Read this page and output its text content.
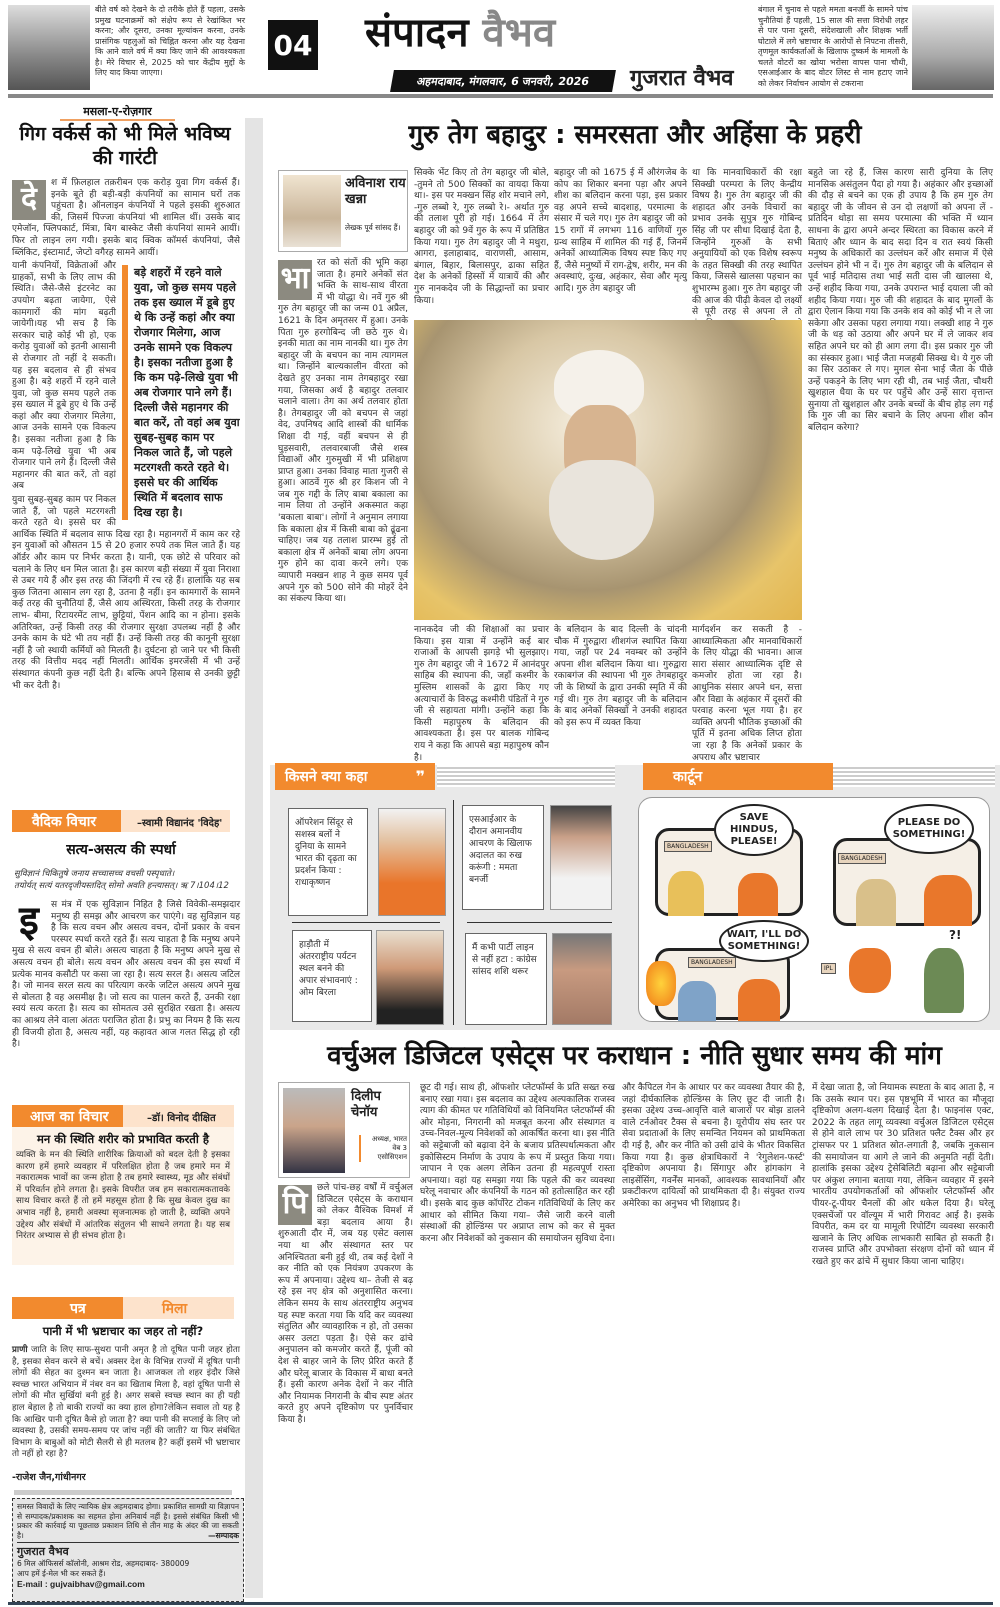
बीते वर्ष को देखने के दो तरीके होते हैं पहला, उसके प्रमुख घटनाक्रमों को संक्षेप रूप से रेखांकित भर करना; और दूसरा, उनका मूल्यांकन करना, उनके प्रासंगिक पहलुओं को चिह्नित करना और यह देखना कि आने वाले वर्ष में क्या किए जाने की आवश्यकता है। मेरे विचार से, 2025 को चार केंद्रीय मुद्दों के लिए याद किया जाएगा।
04 संपादन वैभव
अहमदाबाद, मंगलवार, 6 जनवरी, 2026	गुजरात वैभव
बंगाल में चुनाव से पहले ममता बनर्जी के सामने पांच चुनौतियां हैं पहली, 15 साल की सत्ता विरोधी लहर से पार पाना दूसरी, संदेशखाली और शिक्षक भर्ती घोटाले में लगे भ्रष्टाचार के आरोपों से निपटना तीसरी, तृणमूल कार्यकर्ताओं के खिलाफ दुष्कर्म के मामलों के चलते वोटरों का खोया भरोसा वापस पाना चौथी, एसआईआर के बाद वोटर लिस्ट से नाम हटाए जाने को लेकर निर्वाचन आयोग से टकराना
मसला-ए-रोज़गार
गिग वर्कर्स को भी मिले भविष्य की गारंटी
दे	श में फ़िलहाल तक़रीबन एक करोड़ युवा गिग वर्कर्स हैं। इनके बूते ही बड़ी-बड़ी कंपनियों का सामान घरों तक पहुंचता है। ऑनलाइन कंपनियों ने पहले इसकी शुरुआत की, जिसमें पिज्जा कंपनियां भी शामिल थीं। उसके बाद एमेजॉन, फ्लिपकार्ट, मिंत्रा, बिग बास्केट जैसी कंपनियां सामने आयीं। फिर तो लाइन लग गयी। इसके बाद क्विक कॉमर्स कंपनियां, जैसे ब्लिंकिट, इंस्टामार्ट, जेप्टो वगैरह सामने आयीं।

बड़े शहरों में रहने वाले युवा, जो कुछ समय पहले तक इस ख्याल में डूबे हुए थे कि उन्हें कहां और क्या रोजगार मिलेगा, आज उनके सामने एक विकल्प है। इसका नतीजा हुआ है कि कम पढ़े-लिखे युवा भी अब रोजगार पाने लगे हैं। दिल्ली जैसे महानगर की बात करें, तो वहां अब युवा सुबह-सुबह काम पर निकल जाते हैं, जो पहले मटरगश्ती करते रहते थे। इससे घर की आर्थिक स्थिति में बदलाव साफ दिख रहा है।

यानी कंपनियों, विक्रेताओं और ग्राहकों, सभी के लिए लाभ की स्थिति। जैसे-जैसे इंटरनेट का उपयोग बढ़ता जायेगा, ऐसे कामगारों की मांग बढ़ती जायेगी।यह भी सच है कि सरकार चाहे कोई भी हो, एक करोड़ युवाओं को इतनी आसानी से रोजगार तो नहीं दे सकती। यह इस बदलाव से ही संभव हुआ है। बड़े शहरों में रहने वाले युवा, जो कुछ समय पहले तक इस ख्याल में डूबे हुए थे कि उन्हें कहां और क्या रोजगार मिलेगा, आज उनके सामने एक विकल्प है। इसका नतीजा हुआ है कि कम पढ़े-लिखे युवा भी अब रोजगार पाने लगे हैं। दिल्ली जैसे महानगर की बात करें, तो वहां अब

युवा सुबह-सुबह काम पर निकल जाते हैं, जो पहले मटरगश्ती करते रहते थे। इससे घर की आर्थिक स्थिति में बदलाव साफ दिख रहा है। महानगरों में काम कर रहे इन युवाओं को औसतन 15 से 20 हजार रुपये तक मिल जाते हैं। यह ऑर्डर और काम पर निर्भर करता है। यानी, एक छोटे से परिवार को चलाने के लिए धन मिल जाता है। इस कारण बड़ी संख्या में युवा निराशा से उबर गये हैं और इस तरह की जिंदगी में रच रहे हैं। हालांकि यह सब कुछ जितना आसान लग रहा है, उतना है नहीं। इन कामगारों के सामने कई तरह की चुनौतियां हैं, जैसे आय अस्थिरता, किसी तरह के रोजगार लाभ- बीमा, रिटायरमेंट लाभ, छुट्टियां, पेंशन आदि का न होना। इसके अतिरिक्त, उन्हें किसी तरह की रोजगार सुरक्षा उपलब्ध नहीं है और उनके काम के घंटे भी तय नहीं हैं। उन्हें किसी तरह की कानूनी सुरक्षा नहीं है जो स्थायी कर्मियों को मिलती है। दुर्घटना हो जाने पर भी किसी तरह की वित्तीय मदद नहीं मिलती। आर्थिक इमरजेंसी में भी उन्हें संस्थागत कंपनी कुछ नहीं देती है। बल्कि अपने हिसाब से उनकी छुट्टी भी कर देती है।

वैदिक विचार	–स्वामी विद्यानंद 'विदेह'
सत्य-असत्य की स्पर्धा
सुविज्ञानं चिकितुषे जनाय सच्चासच्च वचसी पस्पृधाते।
तयोर्यत् सत्यं यतरदृजीयस्तदित् सोमो अवति हन्त्यासत्। ऋ 7।104।12
इ	स मंत्र में एक सुविज्ञान निहित है जिसे विवेकी-समझदार मनुष्य ही समझ और आचरण कर पाएंगे। वह सुविज्ञान यह है कि सत्य वचन और असत्य वचन, दोनों प्रकार के वचन परस्पर स्पर्धा करते रहते हैं। सत्य चाहता है कि मनुष्य अपने मुख से सत्य वचन ही बोले। असत्य चाहता है कि मनुष्य अपने मुख से असत्य वचन ही बोले। सत्य वचन और असत्य वचन की इस स्पर्धा में प्रत्येक मानव कसौटी पर कसा जा रहा है। सत्य सरल है। असत्य जटिल है। जो मानव सरल सत्य का परित्याग करके जटिल असत्य अपने मुख से बोलता है वह असमीक्ष है। जो सत्य का पालन करते हैं, उनकी रक्षा स्वयं सत्य करता है। सत्य का सोमतत्व उसे सुरक्षित रखता है। असत्य का आश्रय लेने वाला अंततः पराजित होता है। प्रभु का नियम है कि सत्य ही विजयी होता है, असत्य नहीं, यह कहावत आज गलत सिद्ध हो रही है।

आज का विचार	–डॉ। विनोद दीक्षित
मन की स्थिति शरीर को प्रभावित करती है
व्यक्ति के मन की स्थिति शारीरिक क्रियाओं को बदल देती है इसका कारण हमें हमारे व्यवहार में परिलक्षित होता है जब हमारे मन में नकारात्मक भावों का जन्म होता है तब हमारे स्वास्थ्य, मूड और संबंधों में परिवर्तन होने लगता है। इसके विपरीत जब हम सकारात्मकतावके साथ विचार करते हैं तो हमें महसूस होता है कि सुख केवल दुख का अभाव नहीं है, हमारी अवस्था सृजनात्मक हो जाती है, व्यक्ति अपने उद्देश्य और संबंधों में आंतरिक संतुलन भी साधने लगता है। यह सब निरंतर अभ्यास से ही संभव होता है।
पत्र	मिला
पानी में भी भ्रष्टाचार का जहर तो नहीं?
प्राणी जाति के लिए साफ-सुथरा पानी अमृत है तो दूषित पानी जहर होता है, इसका सेवन करने से बचें। अक्सर देश के विभिन्न राज्यों में दूषित पानी लोगों की सेहत का दुश्मन बन जाता है। आजकल तो शहर इंदौर जिसे स्वच्छ भारत अभियान में नंबर वन का खिताब मिला है, वहां दूषित पानी से लोगों की मौत सुर्खियां बनी हुई है। अगर सबसे स्वच्छ स्थान का ही यही हाल बेहाल है तो बाकी राज्यों का क्या हाल होगा?लेकिन सवाल तो यह है कि आखिर पानी दूषित कैसे हो जाता है? क्या पानी की सप्लाई के लिए जो व्यवस्था है, उसकी समय-समय पर जांच नहीं की जाती? या फिर संबंधित विभाग के बाबुओं को मोटी सैलरी से ही मतलब है? कहीं इसमें भी भ्रष्टाचार तो नहीं हो रहा है?
-राजेश जैन,गांधीनगर
समस्त विवादों के लिए न्यायिक क्षेत्र अहमदाबाद होगा। प्रकाशित सामग्री या विज्ञापन से सम्पादक/प्रकाशक का सहमत होना अनिवार्य नहीं है। इससे संबंधित किसी भी प्रकार की कार्रवाई या पूछताछ प्रकाशन तिथि से तीन माह के अंदर की जा सकती है।	—सम्पादक
गुजरात वैभव
6 मिल ऑफिसर्स कॉलोनी, आश्रम रोड, अहमदाबाद- 380009
आप हमें ई-मेल भी कर सकते हैं।
E-mail : gujvaibhav@gmail.com
गुरु तेग बहादुर : समरसता और अहिंसा के प्रहरी
अविनाश राय खन्ना
लेखक पूर्व सांसद हैं।
भा रत को संतों की भूमि कहा जाता है। हमारे अनेकों संत भक्ति के साथ-साथ वीरता में भी योद्धा थे। नवें गुरु श्री गुरु तेग बहादुर जी का जन्म 01 अप्रैल, 1621 के दिन अमृतसर में हुआ। उनके पिता गुरु हरगोबिन्द जी छठे गुरु थे। इनकी माता का नाम नानकी था। गुरु तेग बहादुर जी के बचपन का नाम त्यागमल था। जिन्होंने बाल्यकालीन वीरता को देखते हुए उनका नाम तेगबहादुर रखा गया, जिसका अर्थ है बहादुर तलवार चलाने वाला। तेग का अर्थ तलवार होता है। तेगबहादुर जी को बचपन से जहां वेद, उपनिषद आदि शास्त्रों की धार्मिक शिक्षा दी गई, वहीं बचपन से ही घुड़सवारी, तलवारबाजी जैसे शस्त्र विद्याओं और गुरुमुखी में भी प्रशिक्षण प्राप्त हुआ। उनका विवाह माता गुजरी से हुआ। आठवें गुरु श्री हर किशन जी ने जब गुरु गद्दी के लिए बाबा बकाला का नाम लिया तो उन्होंने अकस्मात कहा 'बकाला बाबा'। लोगों ने अनुमान लगाया कि बकाला क्षेत्र में किसी बाबा को ढूंढना चाहिए। जब यह तलाश प्रारम्भ हुई तो बकाला क्षेत्र में अनेकों बाबा लोग अपना गुरु होने का दावा करने लगे। एक व्यापारी मक्खन शाह ने कुछ समय पूर्व अपने गुरु को 500 सोने की मोहरें देने का संकल्प किया था।

सिक्के भेंट किए तो तेग बहादुर जी बोले, -तुमने तो 500 सिक्कों का वायदा किया था।- इस पर मक्खन सिंह शोर मचाने लगे, -गुरु लब्बो रे, गुरु लब्बो रे।- अर्थात गुरु की तलाश पूरी हो गई। 1664 में तेग बहादुर जी को 9वें गुरु के रूप में प्रतिष्ठित किया गया। गुरु तेग बहादुर जी ने मथुरा, आगरा, इलाहाबाद, वाराणसी, आसाम, बंगाल, बिहार, बिलासपुर, ढाका सहित देश के अनेकों हिस्सों में यात्रायें की और गुरु नानकदेव जी के सिद्धान्तों का प्रचार किया।
बहादुर जी को 1675 ई में औरंगजेब के कोप का शिकार बनना पड़ा और अपने शीश का बलिदान करना पड़ा, इस प्रकार वह अपने सच्चे बादशाह, परमात्मा के संसार में चले गए। गुरु तेग बहादुर जी को 15 रागों में लगभग 116 वाणियों गुरु ग्रन्थ साहिब में शामिल की गई हैं, जिनमें अनेकों आध्यात्मिक विषय स्पष्ट किए गए हैं, जैसे मनुष्यों में राग-द्वेष, शरीर, मन की अवस्थाएं, दुःख, अहंकार, सेवा और मृत्यु आदि। गुरु तेग बहादुर जी
था कि मानवाधिकारों की रक्षा सिक्खी परम्परा के लिए केन्द्रीय विषय है। गुरु तेग बहादुर जी की शहादत और उनके विचारों का प्रभाव उनके सुपुत्र गुरु गोबिन्द सिंह जी पर सीधा दिखाई देता है, जिन्होंने गुरुओं के सभी अनुयायियों को एक विशेष स्वरूप के तहत सिक्खी की तरह स्थापित किया, जिससे खालसा पहचान का शुभारम्भ हुआ। गुरु तेग बहादुर जी की आज की पीढ़ी केवल दो लक्ष्यों से पूरी तरह से अपना ले तो
बहुते जा रहे हैं, जिस कारण सारी दुनिया के लिए मानसिक असंतुलन पैदा हो गया है। अहंकार और इच्छाओं की दौड़ से बचने का एक ही उपाय है कि हम गुरु तेग बहादुर जी के जीवन से उन दो लक्षणों को अपना लें - प्रतिदिन थोड़ा सा समय परमात्मा की भक्ति में ध्यान साधना के द्वारा अपने अन्दर स्थिरता का विकास करने में बिताएं और ध्यान के बाद सदा दिन व रात स्वयं किसी मनुष्य के अधिकारों का उल्लंघन करें और समाज में ऐसे उल्लंघन होने भी न दें। गुरु तेग बहादुर जी के बलिदान से पूर्व भाई मतिदास तथा भाई सती दास जी खालसा थे, उन्हें शहीद किया गया, उनके उपरान्त भाई दयाला जी को शहीद किया गया। गुरु जी की शहादत के बाद मुगलों के द्वारा ऐलान किया गया कि उनके शव को कोई भी न ले जा सकेगा और उसका पहरा लगाया गया। लक्खी शाह ने गुरु जी के धड़ को उठाया और अपने घर में ले जाकर शव सहित अपने घर को ही आग लगा दी। इस प्रकार गुरु जी का संस्कार हुआ। भाई जैता मजहबी सिक्ख थे। ये गुरु जी का सिर उठाकर ले गए। मुगल सेना भाई जैता के पीछे उन्हें पकड़ने के लिए भाग रही थी, तब भाई जैता, चौथरी खुशहाल धैया के घर पर पहुँचे और उन्हें सारा वृत्तान्त सुनाया तो खुशहाल और उनके बच्चों के बीच होड़ लग गई कि गुरु जी का सिर बचाने के लिए अपना शीश कौन बलिदान करेगा?
नानकदेव जी की शिक्षाओं का प्रचार किया। इस यात्रा में उन्होंने कई बार राजाओं के आपसी झगड़े भी सुलझाए। गुरु तेग बहादुर जी ने 1672 में आनंदपुर साहिब की स्थापना की, जहाँ कश्मीर के मुस्लिम शासकों के द्वारा किए गए अत्याचारों के विरुद्ध कश्मीरी पंडितों ने गुरु जी से सहायता मांगी। उन्होंने कहा कि किसी महापुरुष के बलिदान की आवश्यकता है। इस पर बालक गोबिन्द राय ने कहा कि आपसे बड़ा महापुरुष कौन है।
के बलिदान के बाद दिल्ली के चांदनी चौक में गुरुद्वारा शीशगंज स्थापित किया गया, जहाँ पर 24 नवम्बर को उन्होंने अपना शीश बलिदान किया था। गुरुद्वारा रकाबगंज की स्थापना भी गुरु तेगबहादुर जी के शिष्यों के द्वारा उनकी स्मृति में की गई थी। गुरु तेग बहादुर जी के बलिदान के बाद अनेकों सिक्खों ने उनकी शहादत को इस रूप में व्यक्त किया
मार्गदर्शन कर सकती है - आध्यात्मिकता और मानवाधिकारों के लिए योद्धा की भावना। आज सारा संसार आध्यात्मिक दृष्टि से कमजोर होता जा रहा है। आधुनिक संसार अपने धन, सत्ता और विद्या के अहंकार में दूसरों की परवाह करना भूल गया है। हर व्यक्ति अपनी भौतिक इच्छाओं की पूर्ति में इतना अधिक लिप्त होता जा रहा है कि अनेकों प्रकार के अपराध और भ्रष्टाचार
किसने क्या कहा	❞
ऑपरेशन सिंदूर से सशस्त्र बलों ने दुनिया के सामने भारत की दृढ़ता का प्रदर्शन किया : राधाकृष्णन
एसआईआर के दौरान अमानवीय आचरण के खिलाफ अदालत का रुख करूंगी : ममता बनर्जी
हाड़ौती में अंतरराष्ट्रीय पर्यटन स्थल बनने की अपार संभावनाएं : ओम बिरला
मैं कभी पार्टी लाइन से नहीं हटा : कांग्रेस सांसद शशि थरूर
कार्टून
BANGLADESH
SAVE HINDUS, PLEASE!
BANGLADESH
PLEASE DO SOMETHING!
BANGLADESH
WAIT, I'LL DO SOMETHING!
IPL
?!
वर्चुअल डिजिटल एसेट्स पर कराधान : नीति सुधार समय की मांग
दिलीप चेनॉय
अध्यक्ष, भारत वेब 3 एसोसिएशन
पि	छले पांच-छह वर्षों में वर्चुअल डिजिटल एसेट्स के कराधान को लेकर वैश्विक विमर्श में बड़ा बदलाव आया है। शुरुआती दौर में, जब यह एसेट क्लास नया था और संस्थागत स्तर पर अनिश्चितता बनी हुई थी, तब कई देशों ने कर नीति को एक नियंत्रण उपकरण के रूप में अपनाया। उद्देश्य था– तेजी से बढ़ रहे इस नए क्षेत्र को अनुशासित करना। लेकिन समय के साथ अंतरराष्ट्रीय अनुभव यह स्पष्ट करता गया कि यदि कर व्यवस्था संतुलित और व्यावहारिक न हो, तो उसका असर उलटा पड़ता है। ऐसे कर ढांचे अनुपालन को कमजोर करते हैं, पूंजी को देश से बाहर जाने के लिए प्रेरित करते हैं और घरेलू बाजार के विकास में बाधा बनते हैं। इसी कारण अनेक देशों ने कर नीति और नियामक निगरानी के बीच स्पष्ट अंतर करते हुए अपने दृष्टिकोण पर पुनर्विचार किया है।

छूट दी गई। साथ ही, ऑफशोर प्लेटफॉर्म्स के प्रति सख्त रुख बनाए रखा गया। इस बदलाव का उद्देश्य अल्पकालिक राजस्व त्याग की कीमत पर गतिविधियों को विनियमित प्लेटफॉर्म्स की ओर मोड़ना, निगरानी को मजबूत करना और संस्थागत व उच्च-निवल-मूल्य निवेशकों को आकर्षित करना था। इस नीति को सट्टेबाजी को बढ़ावा देने के बजाय प्रतिस्पर्धात्मकता और इकोसिस्टम निर्माण के उपाय के रूप में प्रस्तुत किया गया। जापान ने एक अलग लेकिन उतना ही महत्वपूर्ण रास्ता अपनाया। वहां यह समझा गया कि पहले की कर व्यवस्था घरेलू नवाचार और कंपनियों के गठन को हतोत्साहित कर रही थी। इसके बाद कुछ कॉर्पोरेट टोकन गतिविधियों के लिए कर आधार को सीमित किया गया– जैसे जारी करने वाली संस्थाओं की होल्डिंग्स पर अप्राप्त लाभ को कर से मुक्त करना और निवेशकों को नुकसान की समायोजन सुविधा देना।
और कैपिटल गेन के आधार पर कर व्यवस्था तैयार की है, जहां दीर्घकालिक होल्डिंग्स के लिए छूट दी जाती है। इसका उद्देश्य उच्च-आवृत्ति वाले बाजारों पर बोझ डालने वाले टर्नओवर टैक्स से बचना है। यूरोपीय संघ स्तर पर सेवा प्रदाताओं के लिए समन्वित नियमन को प्राथमिकता दी गई है, और कर नीति को उसी ढांचे के भीतर विकसित किया गया है। कुछ क्षेत्राधिकारों ने 'रेगुलेशन-फर्स्ट' दृष्टिकोण अपनाया है। सिंगापुर और हांगकांग ने लाइसेंसिंग, गवर्नेंस मानकों, आवश्यक सावधानियों और प्रकटीकरण दायित्वों को प्राथमिकता दी है। संयुक्त राज्य अमेरिका का अनुभव भी शिक्षाप्रद है।
में देखा जाता है, जो नियामक स्पष्टता के बाद आता है, न कि उसके स्थान पर। इस पृष्ठभूमि में भारत का मौजूदा दृष्टिकोण अलग-थलग दिखाई देता है। फाइनांस एक्ट, 2022 के तहत लागू व्यवस्था वर्चुअल डिजिटल एसेट्स से होने वाले लाभ पर 30 प्रतिशत फ्लैट टैक्स और हर ट्रांसफर पर 1 प्रतिशत स्रोत-लगाती है, जबकि नुकसान की समायोजन या आगे ले जाने की अनुमति नहीं देती। हालांकि इसका उद्देश्य ट्रेसेबिलिटी बढ़ाना और सट्टेबाजी पर अंकुश लगाना बताया गया, लेकिन व्यवहार में इसने भारतीय उपयोगकर्ताओं को ऑफशोर प्लेटफॉर्म्स और पीयर-टू-पीयर चैनलों की ओर धकेल दिया है। घरेलू एक्सचेंजों पर वॉल्यूम में भारी गिरावट आई है। इसके विपरीत, कम दर या मामूली रिपोर्टिंग व्यवस्था सरकारी खजाने के लिए अधिक लाभकारी साबित हो सकती है। राजस्व प्राप्ति और उपभोक्ता संरक्षण दोनों को ध्यान में रखते हुए कर ढांचे में सुधार किया जाना चाहिए।
